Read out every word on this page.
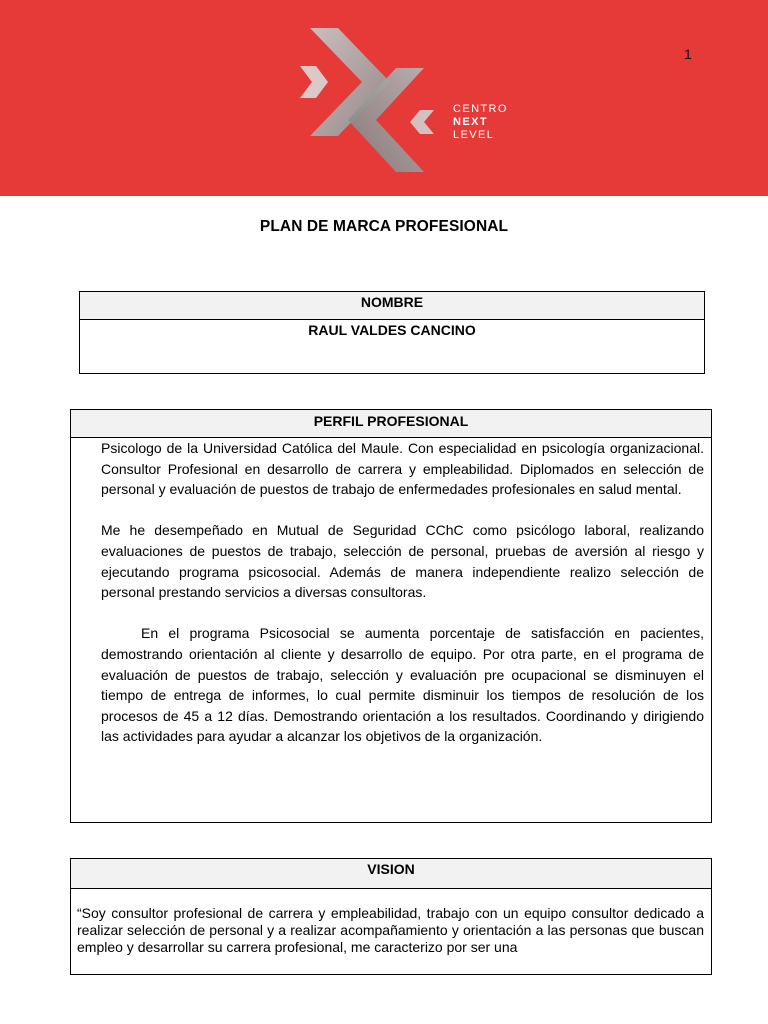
1
CENTRO
NEXT
LEVEL
PLAN DE MARCA PROFESIONAL
NOMBRE
RAUL VALDES CANCINO
PERFIL PROFESIONAL

Psicologo de la Universidad Católica del Maule. Con especialidad en psicología organizacional. Consultor Profesional en desarrollo de carrera y empleabilidad. Diplomados en selección de personal y evaluación de puestos de trabajo de enfermedades profesionales en salud mental.

Me he desempeñado en Mutual de Seguridad CChC como psicólogo laboral, realizando evaluaciones de puestos de trabajo, selección de personal, pruebas de aversión al riesgo y ejecutando programa psicosocial. Además de manera independiente realizo selección de personal prestando servicios a diversas consultoras.

En el programa Psicosocial se aumenta porcentaje de satisfacción en pacientes, demostrando orientación al cliente y desarrollo de equipo. Por otra parte, en el programa de evaluación de puestos de trabajo, selección y evaluación pre ocupacional se disminuyen el tiempo de entrega de informes, lo cual permite disminuir los tiempos de resolución de los procesos de 45 a 12 días. Demostrando orientación a los resultados. Coordinando y dirigiendo las actividades para ayudar a alcanzar los objetivos de la organización.

VISION

“Soy consultor profesional de carrera y empleabilidad, trabajo con un equipo consultor dedicado a realizar selección de personal y a realizar acompañamiento y orientación a las personas que buscan empleo y desarrollar su carrera profesional, me caracterizo por ser una
